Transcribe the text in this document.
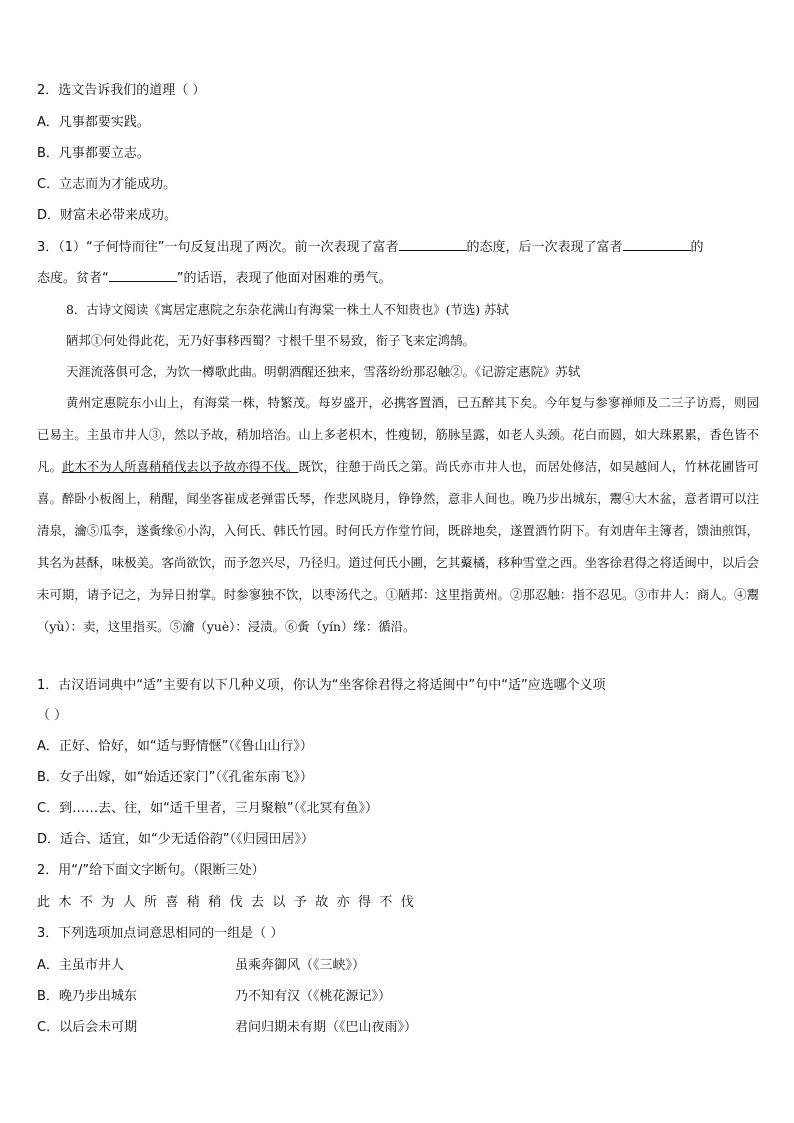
2．选文告诉我们的道理（ ）
A．凡事都要实践。
B．凡事都要立志。
C．立志而为才能成功。
D．财富未必带来成功。
3．（1）“子何恃而往”一句反复出现了两次。前一次表现了富者	的态度，后一次表现了富者	的
态度。贫者“	”的话语，表现了他面对困难的勇气。
8．古诗文阅读《寓居定惠院之东杂花满山有海棠一株土人不知贵也》(节选) 苏轼
陋邦①何处得此花，无乃好事移西蜀？寸根千里不易致，衔子飞来定鸿鹄。
天涯流落俱可念，为饮一樽歌此曲。明朝酒醒还独来，雪落纷纷那忍触②。《记游定惠院》苏轼
黄州定惠院东小山上，有海棠一株，特繁茂。每岁盛开，必携客置酒，已五醉其下矣。今年复与参寥禅师及二三子访焉，则园已易主。主虽市井人③，然以予故，稍加培治。山上多老枳木，性瘦韧，筋脉呈露，如老人头颈。花白而圆，如大珠累累，香色皆不凡。此木不为人所喜稍稍伐去以予故亦得不伐。既饮，往憩于尚氏之第。尚氏亦市井人也，而居处修洁，如吴越间人，竹林花圃皆可喜。醉卧小板阁上，稍醒，闻坐客崔成老弹雷氏琴，作悲风晓月，铮铮然，意非人间也。晚乃步出城东，鬻④大木盆，意者谓可以注清泉，瀹⑤瓜李，遂夤缘⑥小沟，入何氏、韩氏竹园。时何氏方作堂竹间，既辟地矣，遂置酒竹阴下。有刘唐年主簿者，馈油煎饵，其名为甚酥，味极美。客尚欲饮，而予忽兴尽，乃径归。道过何氏小圃，乞其藂橘，移种雪堂之西。坐客徐君得之将适闽中，以后会未可期，请予记之，为异日拊掌。时参寥独不饮，以枣汤代之。①陋邦：这里指黄州。②那忍触：指不忍见。③市井人：商人。④鬻（yù）：卖，这里指买。⑤瀹（yuè）：浸渍。⑥夤（yín）缘：循沿。
1．古汉语词典中“适”主要有以下几种义项，你认为“坐客徐君得之将适闽中”句中“适”应选哪个义项
（ ）
A．正好、恰好，如“适与野情惬”（《鲁山山行》）
B．女子出嫁，如“始适还家门”（《孔雀东南飞》）
C．到……去、往，如“适千里者，三月聚粮”（《北冥有鱼》）
D．适合、适宜，如“少无适俗韵”（《归园田居》）
2．用“/”给下面文字断句。（限断三处）
此木不为人所喜稍稍伐去以予故亦得不伐
3．下列选项加点词意思相同的一组是（ ）
A．主虽市井人	虽乘奔御风（《三峡》）
B．晚乃步出城东	乃不知有汉（《桃花源记》）
C．以后会未可期	君问归期未有期（《巴山夜雨》）
